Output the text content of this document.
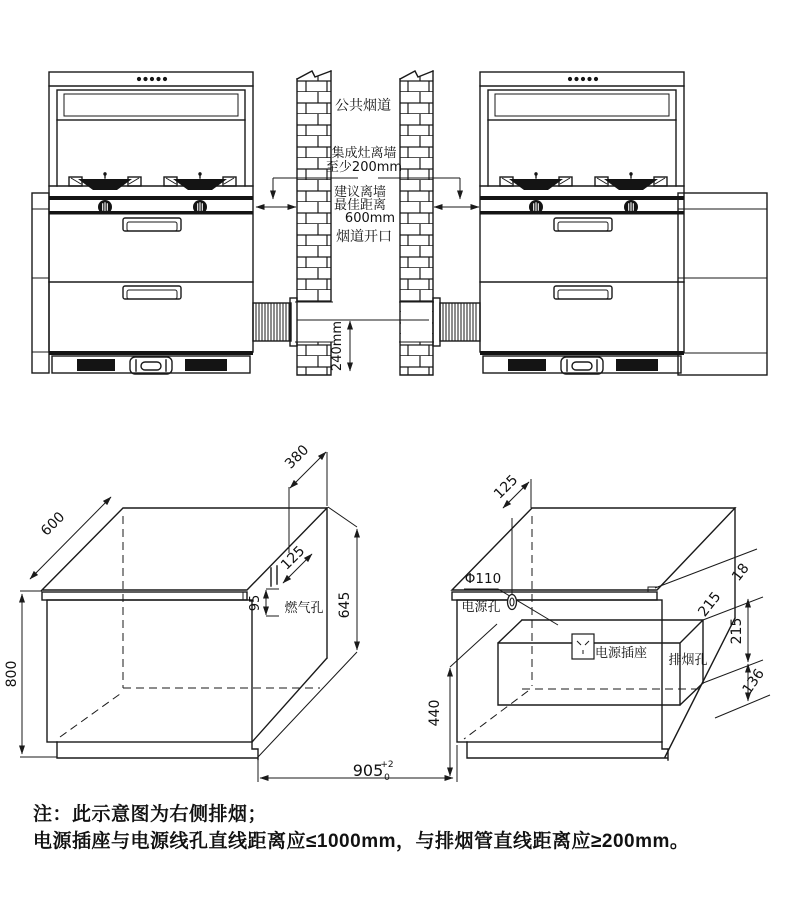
公共烟道
集成灶离墙
至少200mm
建议离墙
最佳距离
600mm
烟道开口
240mm
600
800
380
125
95 燃气孔 645
125
Φ110
电源孔
电源插座 排烟孔
18
215
215
136
440
905
+2
0
注：此示意图为右侧排烟；
电源插座与电源线孔直线距离应≤1000mm，与排烟管直线距离应≥200mm。
